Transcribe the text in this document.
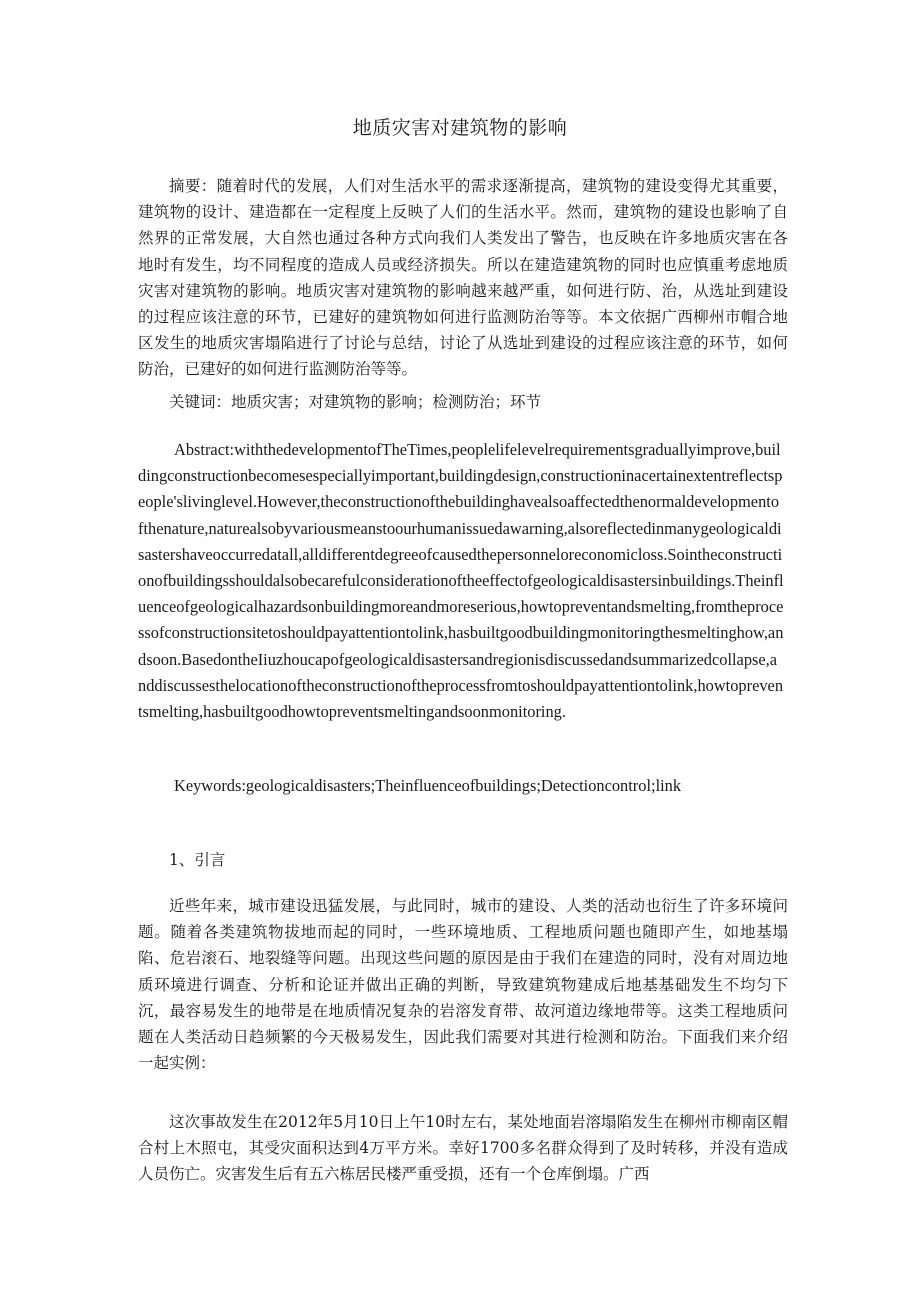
地质灾害对建筑物的影响

摘要：随着时代的发展，人们对生活水平的需求逐渐提高，建筑物的建设变得尤其重要，建筑物的设计、建造都在一定程度上反映了人们的生活水平。然而，建筑物的建设也影响了自然界的正常发展，大自然也通过各种方式向我们人类发出了警告，也反映在许多地质灾害在各地时有发生，均不同程度的造成人员或经济损失。所以在建造建筑物的同时也应慎重考虑地质灾害对建筑物的影响。地质灾害对建筑物的影响越来越严重，如何进行防、治，从选址到建设的过程应该注意的环节，已建好的建筑物如何进行监测防治等等。本文依据广西柳州市帽合地区发生的地质灾害塌陷进行了讨论与总结，讨论了从选址到建设的过程应该注意的环节，如何防治，已建好的如何进行监测防治等等。

关键词：地质灾害；对建筑物的影响；检测防治；环节

Abstract:withthedevelopmentofTheTimes,peoplelifelevelrequirementsgraduallyimprove,buildingconstructionbecomesespeciallyimportant,buildingdesign,constructioninacertainextentreflectspeople'slivinglevel.However,theconstructionofthebuildinghavealsoaffectedthenormaldevelopmentofthenature,naturealsobyvariousmeanstoourhumanissuedawarning,alsoreflectedinmanygeologicaldisastershaveoccurredatall,alldifferentdegreeofcausedthepersonneloreconomicloss.Sointheconstructionofbuildingsshouldalsobecarefulconsiderationoftheeffectofgeologicaldisastersinbuildings.Theinfluenceofgeologicalhazardsonbuildingmoreandmoreserious,howtopreventandsmelting,fromtheprocessofconstructionsitetoshouldpayattentiontolink,hasbuiltgoodbuildingmonitoringthesmeltinghow,andsoon.BasedontheIiuzhoucapofgeologicaldisastersandregionisdiscussedandsummarizedcollapse,anddiscussesthelocationoftheconstructionoftheprocessfromtoshouldpayattentiontolink,howtopreventsmelting,hasbuiltgoodhowtopreventsmeltingandsoonmonitoring.

Keywords:geologicaldisasters;Theinfluenceofbuildings;Detectioncontrol;link

1、引言

近些年来，城市建设迅猛发展，与此同时，城市的建设、人类的活动也衍生了许多环境问题。随着各类建筑物拔地而起的同时，一些环境地质、工程地质问题也随即产生，如地基塌陷、危岩滚石、地裂缝等问题。出现这些问题的原因是由于我们在建造的同时，没有对周边地质环境进行调查、分析和论证并做出正确的判断，导致建筑物建成后地基基础发生不均匀下沉，最容易发生的地带是在地质情况复杂的岩溶发育带、故河道边缘地带等。这类工程地质问题在人类活动日趋频繁的今天极易发生，因此我们需要对其进行检测和防治。下面我们来介绍一起实例：

这次事故发生在2012年5月10日上午10时左右，某处地面岩溶塌陷发生在柳州市柳南区帽合村上木照屯，其受灾面积达到4万平方米。幸好1700多名群众得到了及时转移，并没有造成人员伤亡。灾害发生后有五六栋居民楼严重受损，还有一个仓库倒塌。广西
